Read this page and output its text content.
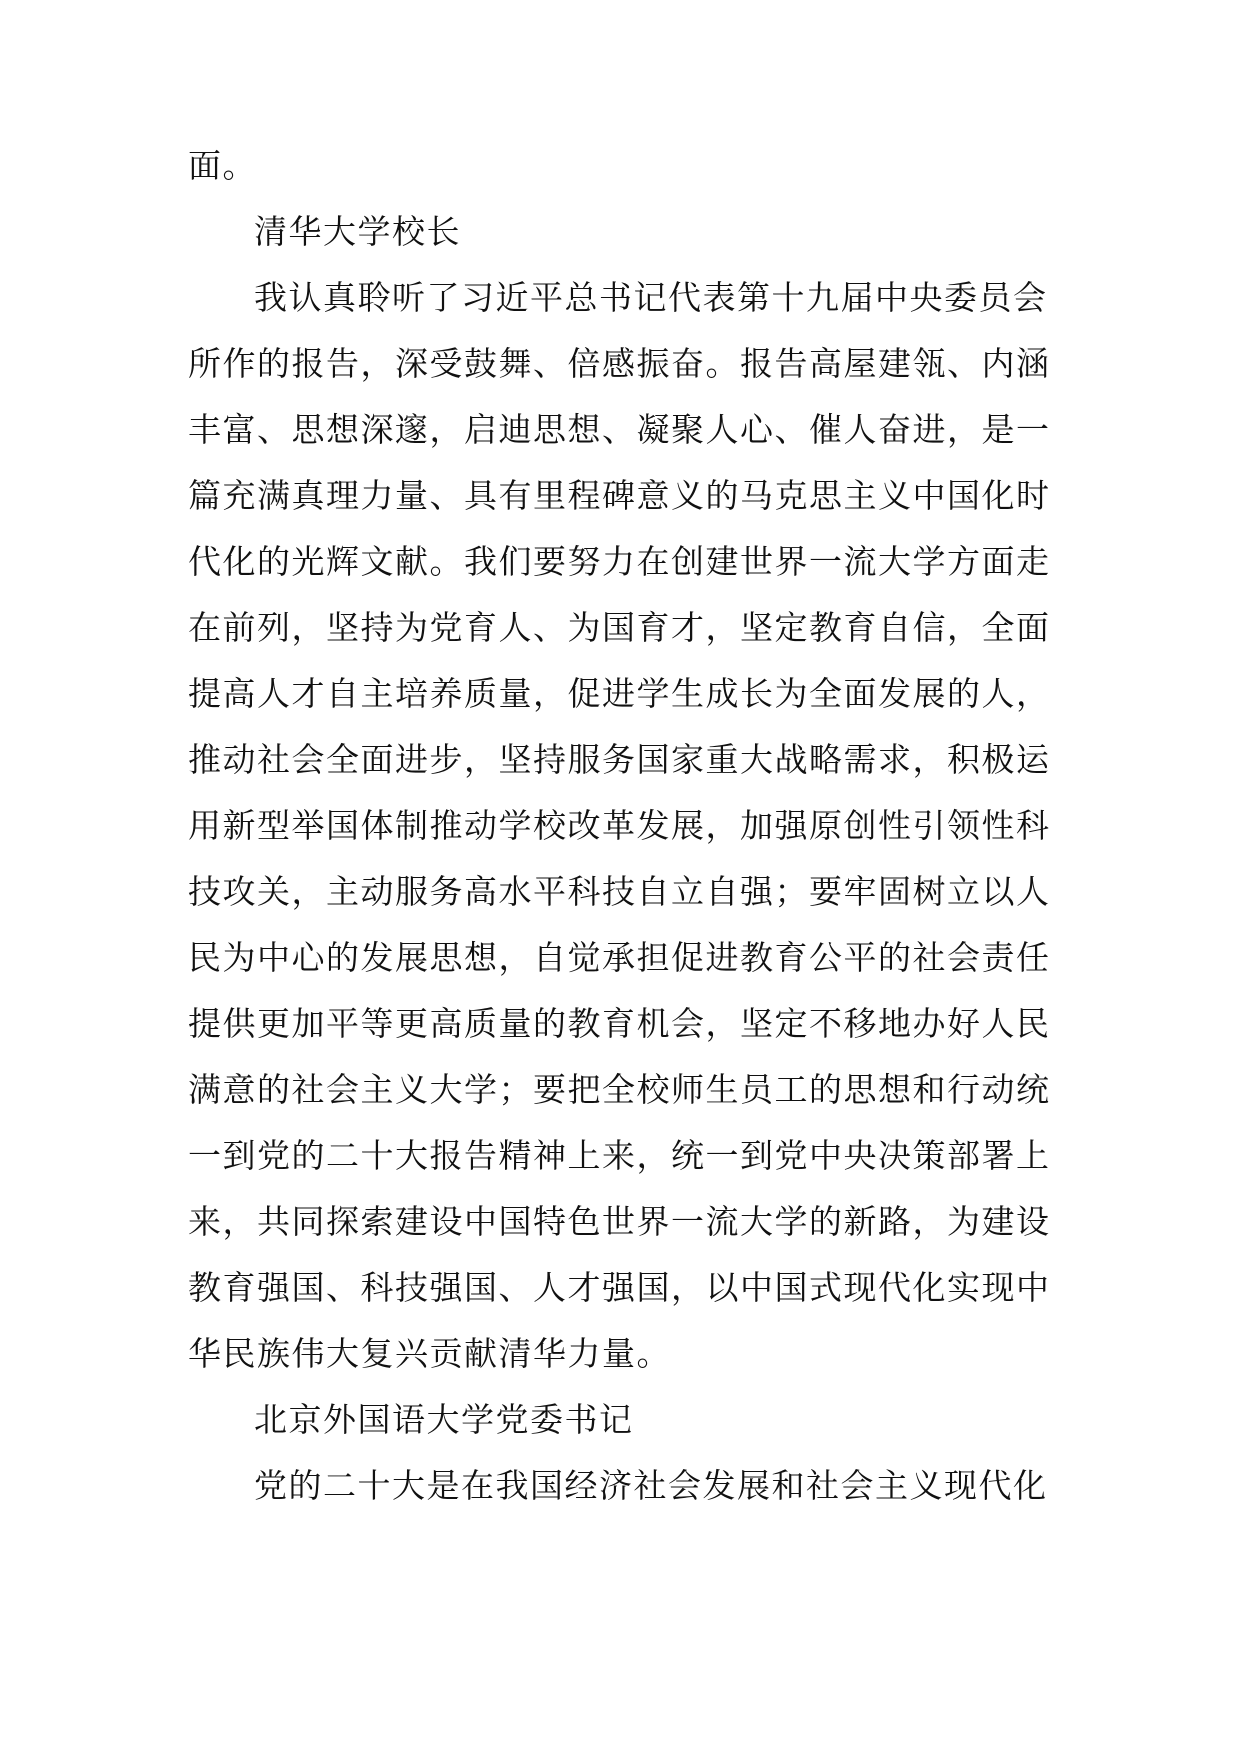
面。
清华大学校长
我认真聆听了习近平总书记代表第十九届中央委员会
所作的报告，深受鼓舞、倍感振奋。报告高屋建瓴、内涵
丰富、思想深邃，启迪思想、凝聚人心、催人奋进，是一
篇充满真理力量、具有里程碑意义的马克思主义中国化时
代化的光辉文献。我们要努力在创建世界一流大学方面走
在前列，坚持为党育人、为国育才，坚定教育自信，全面
提高人才自主培养质量，促进学生成长为全面发展的人，
推动社会全面进步，坚持服务国家重大战略需求，积极运
用新型举国体制推动学校改革发展，加强原创性引领性科
技攻关，主动服务高水平科技自立自强；要牢固树立以人
民为中心的发展思想，自觉承担促进教育公平的社会责任
提供更加平等更高质量的教育机会，坚定不移地办好人民
满意的社会主义大学；要把全校师生员工的思想和行动统
一到党的二十大报告精神上来，统一到党中央决策部署上
来，共同探索建设中国特色世界一流大学的新路，为建设
教育强国、科技强国、人才强国，以中国式现代化实现中
华民族伟大复兴贡献清华力量。
北京外国语大学党委书记
党的二十大是在我国经济社会发展和社会主义现代化
